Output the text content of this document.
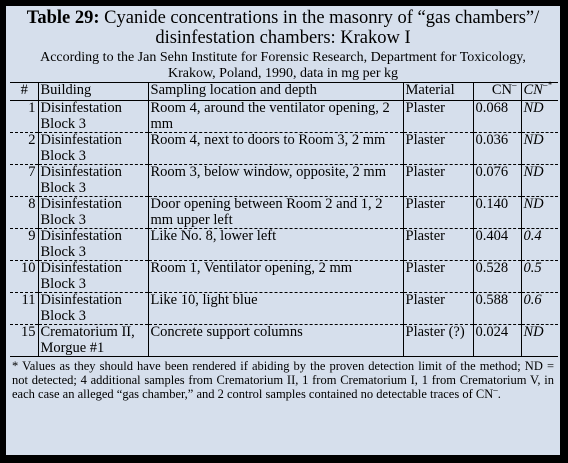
Table 29: Cyanide concentrations in the masonry of “gas chambers”/
disinfestation chambers: Krakow I

According to the Jan Sehn Institute for Forensic Research, Department for Toxicology,
Krakow, Poland, 1990, data in mg per kg

#	Building	Sampling location and depth	Material	CN–	CN–*
1	Disinfestation Block 3	Room 4, around the ventilator opening, 2 mm	Plaster	0.068	ND
2	Disinfestation Block 3	Room 4, next to doors to Room 3, 2 mm	Plaster	0.036	ND
7	Disinfestation Block 3	Room 3, below window, opposite, 2 mm	Plaster	0.076	ND
8	Disinfestation Block 3	Door opening between Room 2 and 1, 2 mm upper left	Plaster	0.140	ND
9	Disinfestation Block 3	Like No. 8, lower left	Plaster	0.404	0.4
10	Disinfestation Block 3	Room 1, Ventilator opening, 2 mm	Plaster	0.528	0.5
11	Disinfestation Block 3	Like 10, light blue	Plaster	0.588	0.6
15	Crematorium II, Morgue #1	Concrete support columns	Plaster (?)	0.024	ND

* Values as they should have been rendered if abiding by the proven detection limit of the method; ND = not detected; 4 additional samples from Crematorium II, 1 from Crematorium I, 1 from Crematorium V, in each case an alleged “gas chamber,” and 2 control samples contained no detectable traces of CN–.
